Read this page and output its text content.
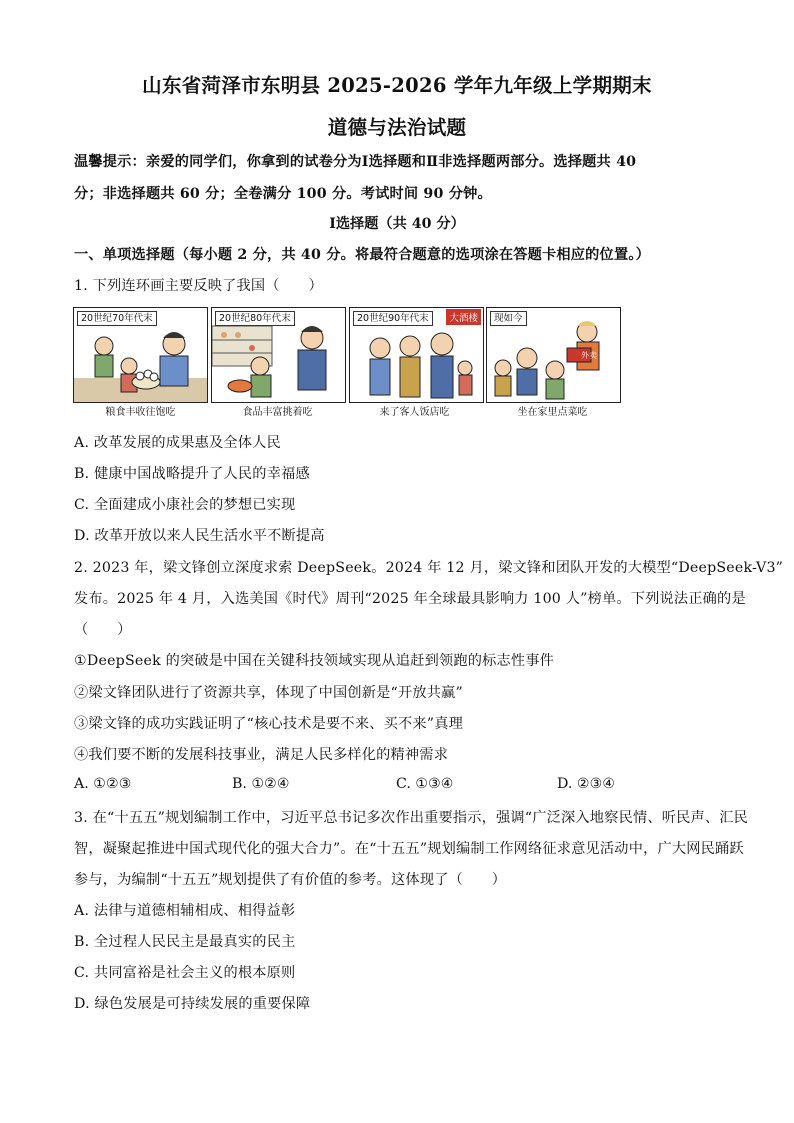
山东省菏泽市东明县 2025-2026 学年九年级上学期期末
道德与法治试题
温馨提示：亲爱的同学们，你拿到的试卷分为Ⅰ选择题和Ⅱ非选择题两部分。选择题共 40
分；非选择题共 60 分；全卷满分 100 分。考试时间 90 分钟。
Ⅰ选择题（共 40 分）
一、单项选择题（每小题 2 分，共 40 分。将最符合题意的选项涂在答题卡相应的位置。）
1. 下列连环画主要反映了我国（　　）
20世纪70年代末
粮食丰收往饱吃
20世纪80年代末
食品丰富挑着吃
20世纪90年代末	大酒楼
来了客人饭店吃
现如今
外卖
坐在家里点菜吃
A. 改革发展的成果惠及全体人民
B. 健康中国战略提升了人民的幸福感
C. 全面建成小康社会的梦想已实现
D. 改革开放以来人民生活水平不断提高
2. 2023 年，梁文锋创立深度求索 DeepSeek。2024 年 12 月，梁文锋和团队开发的大模型“DeepSeek-V3”
发布。2025 年 4 月，入选美国《时代》周刊“2025 年全球最具影响力 100 人”榜单。下列说法正确的是
（　　）
①DeepSeek 的突破是中国在关键科技领域实现从追赶到领跑的标志性事件
②梁文锋团队进行了资源共享，体现了中国创新是“开放共赢”
③梁文锋的成功实践证明了“核心技术是要不来、买不来”真理
④我们要不断的发展科技事业，满足人民多样化的精神需求
A. ①②③	B. ①②④	C. ①③④	D. ②③④
3. 在“十五五”规划编制工作中，习近平总书记多次作出重要指示，强调“广泛深入地察民情、听民声、汇民
智，凝聚起推进中国式现代化的强大合力”。在“十五五”规划编制工作网络征求意见活动中，广大网民踊跃
参与，为编制“十五五”规划提供了有价值的参考。这体现了（　　）
A. 法律与道德相辅相成、相得益彰
B. 全过程人民民主是最真实的民主
C. 共同富裕是社会主义的根本原则
D. 绿色发展是可持续发展的重要保障
